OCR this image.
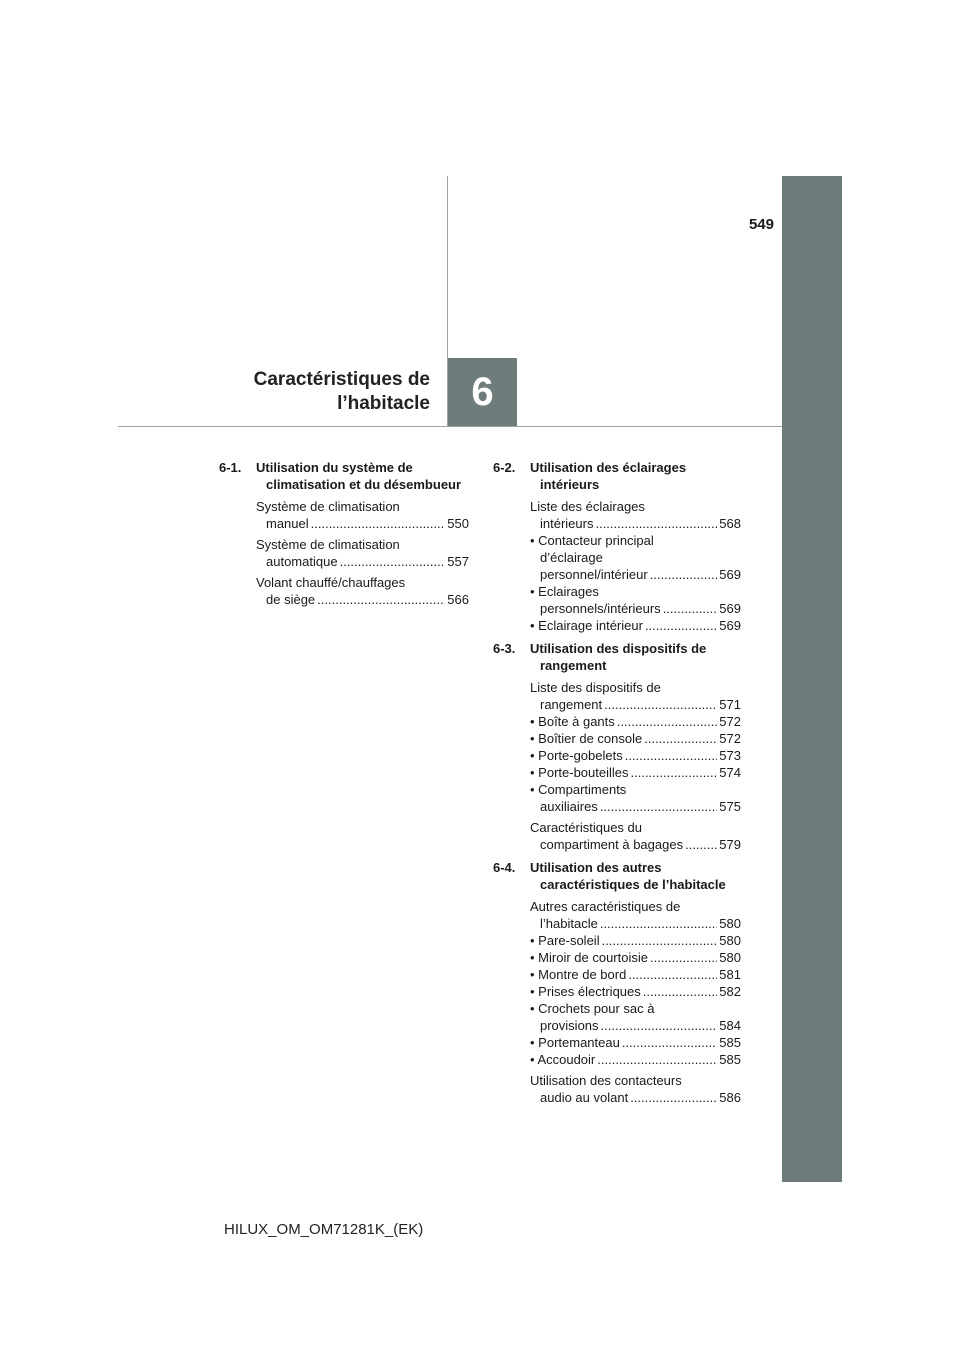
549
Caractéristiques de
l’habitacle	6
6-1.	Utilisation du système de climatisation et du désembueur
Système de climatisation
manuel .....	550
Système de climatisation
automatique .....	557
Volant chauffé/chauffages
de siège .....	566
6-2.	Utilisation des éclairages intérieurs
Liste des éclairages
intérieurs .....	568
• Contacteur principal
d’éclairage
personnel/intérieur .....	569
• Eclairages
personnels/intérieurs .....	569
• Eclairage intérieur .....	569
6-3.	Utilisation des dispositifs de rangement
Liste des dispositifs de
rangement .....	571
• Boîte à gants .....	572
• Boîtier de console .....	572
• Porte-gobelets .....	573
• Porte-bouteilles .....	574
• Compartiments
auxiliaires .....	575
Caractéristiques du
compartiment à bagages .....	579
6-4.	Utilisation des autres caractéristiques de l’habitacle
Autres caractéristiques de
l’habitacle .....	580
• Pare-soleil .....	580
• Miroir de courtoisie .....	580
• Montre de bord .....	581
• Prises électriques .....	582
• Crochets pour sac à
provisions .....	584
• Portemanteau .....	585
• Accoudoir .....	585
Utilisation des contacteurs
audio au volant .....	586
HILUX_OM_OM71281K_(EK)
